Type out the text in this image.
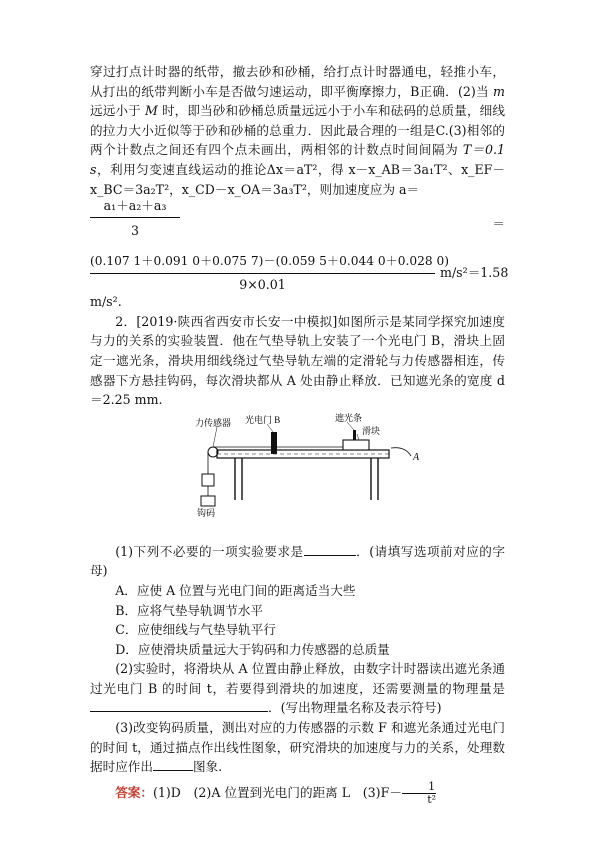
穿过打点计时器的纸带，撤去砂和砂桶，给打点计时器通电，轻推小车，从打出的纸带判断小车是否做匀速运动，即平衡摩擦力，B正确．(2)当 m 远远小于 M 时，即当砂和砂桶总质量远远小于小车和砝码的总质量，细线的拉力大小近似等于砂和砂桶的总重力．因此最合理的一组是C.(3)相邻的两个计数点之间还有四个点未画出，两相邻的计数点时间间隔为 T＝0.1 s，利用匀变速直线运动的推论Δx＝aT²，得 x－x_AB＝3a₁T²、x_EF－x_BC＝3a₂T²，x_CD－x_OA＝3a₃T²，则加速度应为 a＝

$\frac{\text{a₁＋a₂＋a₃}}{3}$	＝
$\frac{(0.107 1+0.091 0+0.075 7)-(0.059 5+0.044 0+0.028 0)}{9\times 0.01} m/s^2=1.58$

m/s².

2．[2019·陕西省西安市长安一中模拟]如图所示是某同学探究加速度与力的关系的实验装置．他在气垫导轨上安装了一个光电门 B，滑块上固定一遮光条，滑块用细线绕过气垫导轨左端的定滑轮与力传感器相连，传感器下方悬挂钩码，每次滑块都从 A 处由静止释放．已知遮光条的宽度 d＝2.25 mm.

力传感器 光电门 B	遮光条
滑块
A
钩码

(1)下列不必要的一项实验要求是	．(请填写选项前对应的字母)

A．应使 A 位置与光电门间的距离适当大些

B．应将气垫导轨调节水平

C．应使细线与气垫导轨平行

D．应使滑块质量远大于钩码和力传感器的总质量

(2)实验时，将滑块从 A 位置由静止释放，由数字计时器读出遮光条通过光电门 B 的时间 t，若要得到滑块的加速度，还需要测量的物理量是．(写出物理量名称及表示符号)

(3)改变钩码质量，测出对应的力传感器的示数 F 和遮光条通过光电门的时间 t，通过描点作出线性图象，研究滑块的加速度与力的关系，处理数据时应作出	图象.

答案：(1)D　(2)A 位置到光电门的距离 L　$(3)F- \frac{1}{\text{t²}}$
